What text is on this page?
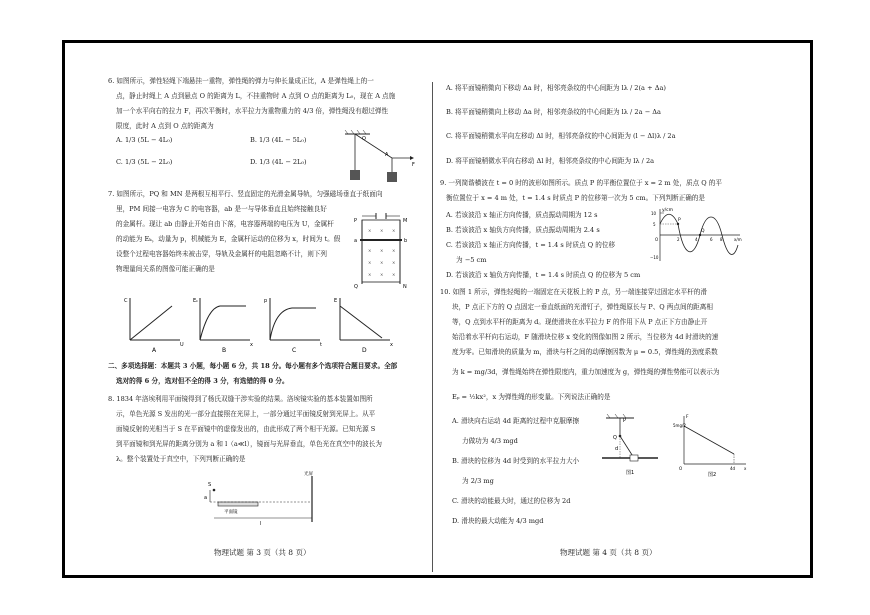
6. 如图所示，弹性轻绳下端悬挂一重物，弹性绳的弹力与伸长量成正比，A 是弹性绳上的一
点，静止时绳上 A 点到悬点 O 的距离为 L，不挂重物时 A 点到 O 点的距离为 L₀，现在 A 点施
加一个水平向右的拉力 F，再次平衡时，水平拉力为重物重力的 4/3 倍，弹性绳没有超过弹性
限度，此时 A 点到 O 点的距离为
A. 1/3 (5L − 4L₀)	B. 1/3 (4L − 5L₀)
C. 1/3 (5L − 2L₀)	D. 1/3 (4L − 2L₀)
O
A
F
7. 如图所示，PQ 和 MN 是两根互相平行、竖直固定的光滑金属导轨，匀强磁场垂直于纸面向
里，PM 间接一电容为 C 的电容器，ab 是一与导体垂直且始终接触良好
的金属杆。现让 ab 由静止开始自由下落，电容器两端的电压为 U，金属杆
的动能为 Eₖ，动量为 p，机械能为 E，金属杆运动的位移为 x，时间为 t。假
设整个过程电容器始终未被击穿，导轨及金属杆的电阻忽略不计，则下列
物理量间关系的图像可能正确的是
× × ×
× × ×
× × ×
× × ×
P	M
a	b
Q	N
C
U
A
Eₖ
x
B
p
t
C
E
x
D
二、多项选择题：本题共 3 小题，每小题 6 分，共 18 分。每小题有多个选项符合题目要求。全部
选对的得 6 分，选对但不全的得 3 分，有选错的得 0 分。
8. 1834 年洛埃利用平面镜得到了杨氏双缝干涉实验的结果。洛埃镜实验的基本装置如图所
示，单色光源 S 发出的光一部分直接照在光屏上，一部分通过平面镜反射到光屏上。从平
面镜反射的光相当于 S 在平面镜中的虚像发出的，由此形成了两个相干光源。已知光源 S
到平面镜和到光屏的距离分别为 a 和 l（a≪l），镜面与光屏垂直，单色光在真空中的波长为
λ。整个装置处于真空中，下列判断正确的是
S
a
平面镜
l
光屏
物理试题 第 3 页（共 8 页）
A. 将平面镜稍微向下移动 Δa 时，相邻亮条纹的中心间距为 lλ / 2(a + Δa)
B. 将平面镜稍微向上移动 Δa 时，相邻亮条纹的中心间距为 lλ / 2a − Δa
C. 将平面镜稍微水平向左移动 Δl 时，相邻亮条纹的中心间距为 (l − Δl)λ / 2a
D. 将平面镜稍微水平向右移动 Δl 时，相邻亮条纹的中心间距为 lλ / 2a
9. 一列简谐横波在 t = 0 时的波形如图所示。质点 P 的平衡位置位于 x = 2 m 处，质点 Q 的平
衡位置位于 x = 4 m 处，t = 1.4 s 时质点 P 的位移第一次为 5 cm。下列判断正确的是
A. 若该波沿 x 轴正方向传播，质点振动周期为 12 s
B. 若该波沿 x 轴负方向传播，质点振动周期为 2.4 s
C. 若该波沿 x 轴正方向传播，t = 1.4 s 时质点 Q 的位移
为 −5 cm
D. 若该波沿 x 轴负方向传播，t = 1.4 s 时质点 Q 的位移为 5 cm
y/cm
10
5
−10
O
P
Q
x/m
2	4	6 8
10. 如图 1 所示，弹性轻绳的一端固定在天花板上的 P 点，另一端连接穿过固定水平杆的滑
块，P 点正下方的 Q 点固定一垂直纸面的光滑钉子，弹性绳原长与 P、Q 两点间的距离相
等，Q 点到水平杆的距离为 d。现使滑块在水平拉力 F 的作用下从 P 点正下方由静止开
始沿着水平杆向右运动，F 随滑块位移 x 变化的图像如图 2 所示，当位移为 4d 时滑块的速
度为零。已知滑块的质量为 m，滑块与杆之间的动摩擦因数为 μ = 0.5，弹性绳的劲度系数
为 k = mg/3d，弹性绳始终在弹性限度内，重力加速度为 g，弹性绳的弹性势能可以表示为
Eₚ = ½kx²，x 为弹性绳的形变量。下列说法正确的是
A. 滑块向右运动 4d 距离的过程中克服摩擦
力做功为 4/3 mgd
B. 滑块的位移为 4d 时受到的水平拉力大小
为 2/3 mg
C. 滑块的动能最大时，通过的位移为 2d
D. 滑块的最大动能为 4/3 mgd
P
Q
d
图1
F
5mg/2
O	4d x
图2
物理试题 第 4 页（共 8 页）
